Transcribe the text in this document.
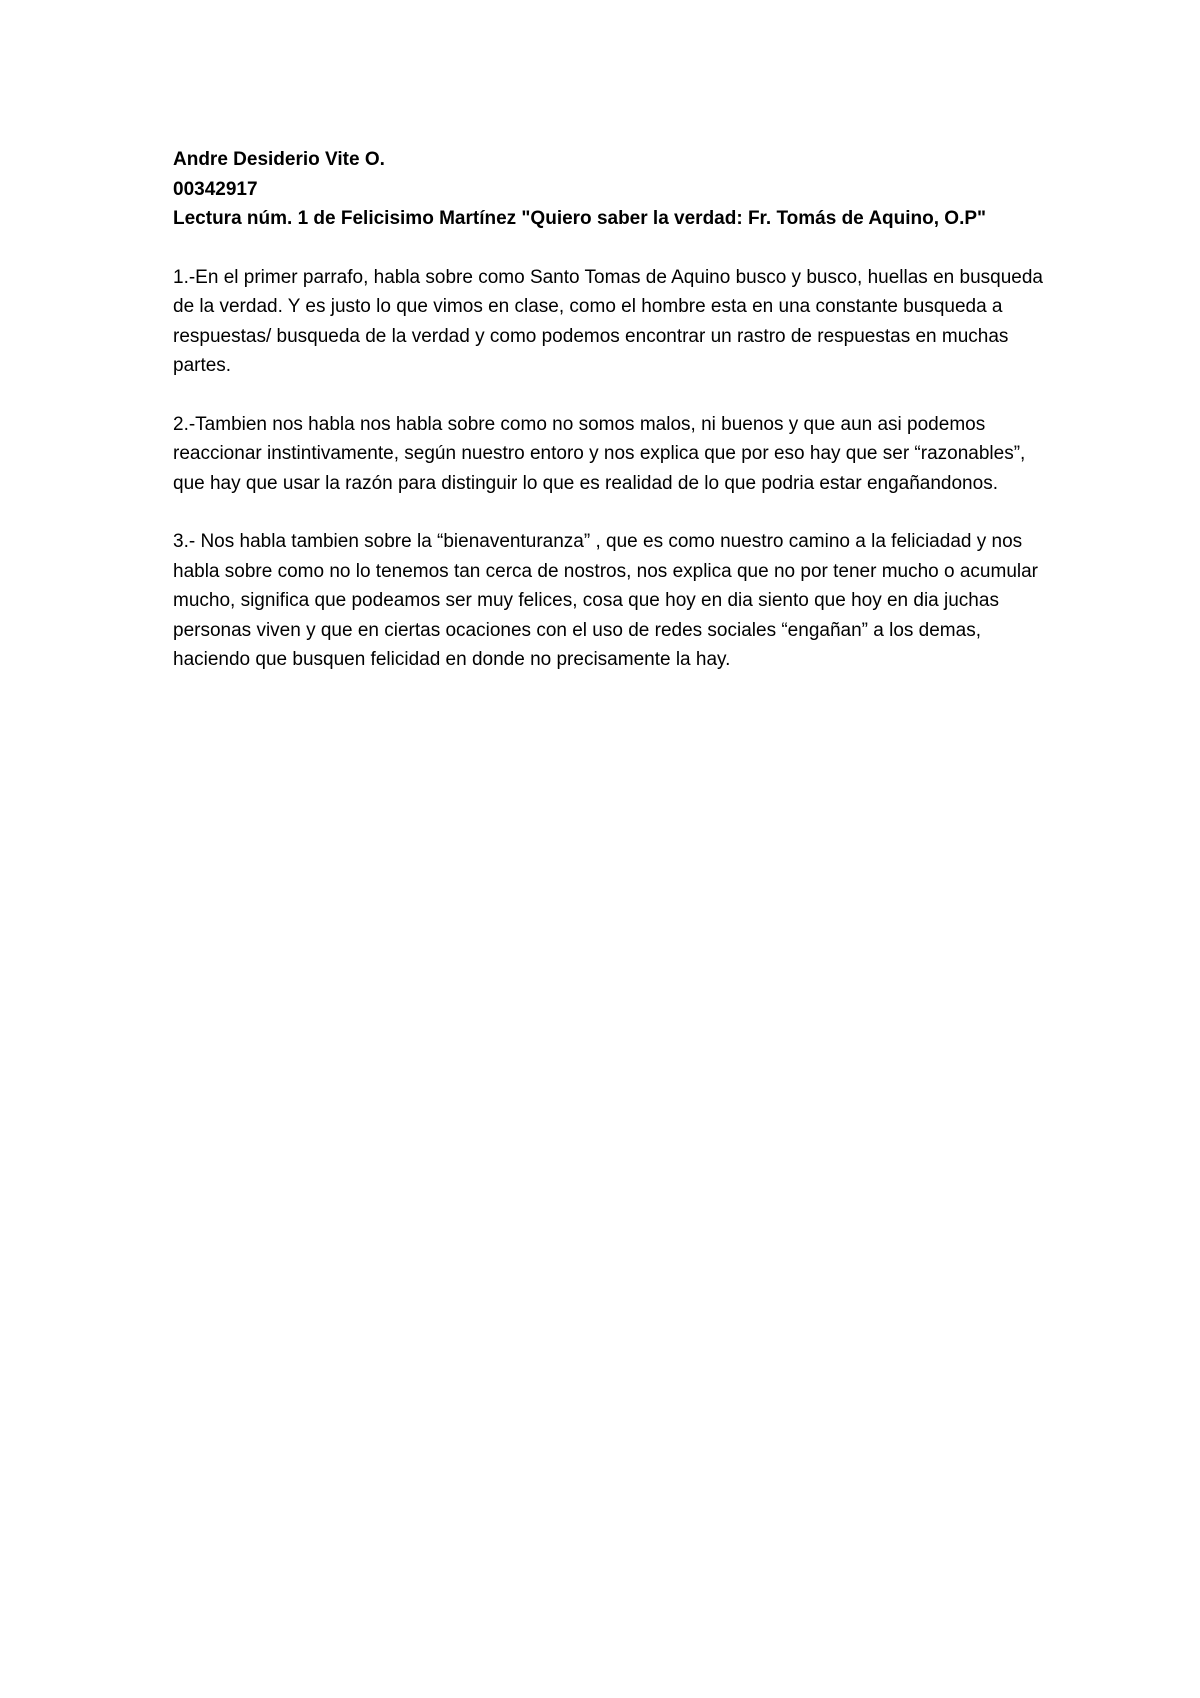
Andre Desiderio Vite O.

00342917

Lectura núm. 1 de Felicisimo Martínez "Quiero saber la verdad: Fr. Tomás de Aquino, O.P"

1.-En el primer parrafo, habla sobre como Santo Tomas de Aquino busco y busco, huellas en busqueda de la verdad. Y es justo lo que vimos en clase, como el hombre esta en una constante busqueda a respuestas/ busqueda de la verdad y como podemos encontrar un rastro de respuestas en muchas partes.

2.-Tambien nos habla nos habla sobre como no somos malos, ni buenos y que aun asi podemos reaccionar instintivamente, según nuestro entoro y nos explica que por eso hay que ser “razonables”, que hay que usar la razón para distinguir lo que es realidad de lo que podria estar engañandonos.

3.- Nos habla tambien sobre la “bienaventuranza” , que es como nuestro camino a la feliciadad y nos habla sobre como no lo tenemos tan cerca de nostros, nos explica que no por tener mucho o acumular mucho, significa que podeamos ser muy felices, cosa que hoy en dia siento que hoy en dia juchas personas viven y que en ciertas ocaciones con el uso de redes sociales “engañan” a los demas, haciendo que busquen felicidad en donde no precisamente la hay.
